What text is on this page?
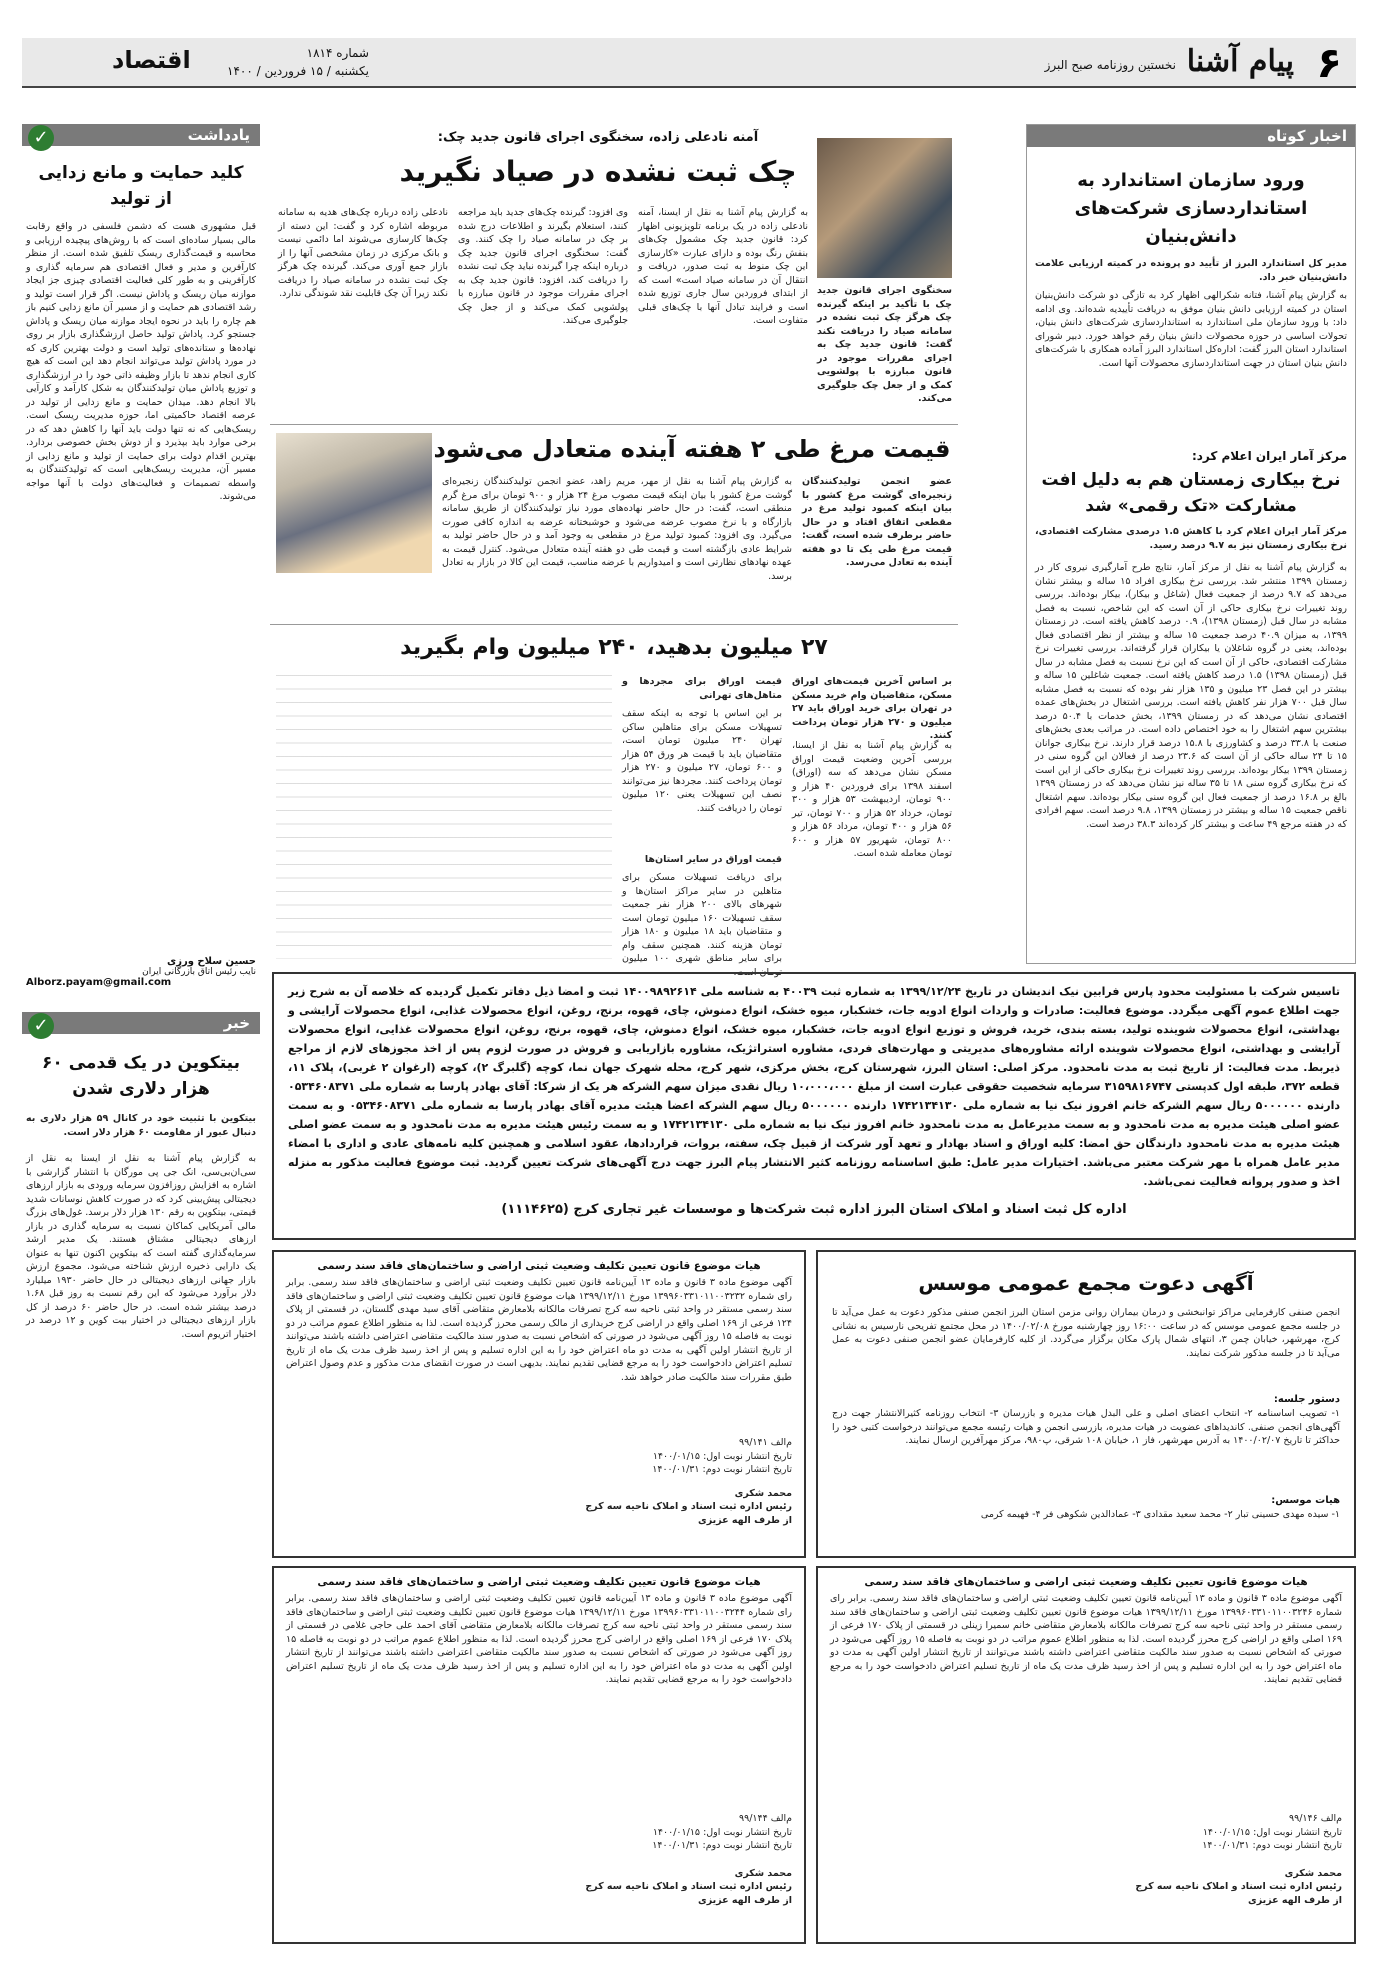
۶
پیام آشنا
نخستین روزنامه صبح البرز
شماره ۱۸۱۴
یکشنبه / ۱۵ فروردین / ۱۴۰۰
اقتصاد
اخبار کوتاه
ورود سازمان استاندارد به استانداردسازی شرکت‌های دانش‌بنیان
مدیر کل استاندارد البرز از تأیید دو پرونده در کمیته ارزیابی علامت دانش‌بنیان خبر داد.
به گزارش پیام آشنا، فتانه شکرالهی اظهار کرد به تازگی دو شرکت دانش‌بنیان استان در کمیته ارزیابی دانش بنیان موفق به دریافت تأییدیه شده‌اند. وی ادامه داد: با ورود سازمان ملی استاندارد به استانداردسازی شرکت‌های دانش بنیان، تحولات اساسی در حوزه محصولات دانش بنیان رقم خواهد خورد. دبیر شورای استاندارد استان البرز گفت: اداره‌کل استاندارد البرز آماده همکاری با شرکت‌های دانش بنیان استان در جهت استانداردسازی محصولات آنها است.
مرکز آمار ایران اعلام کرد:
نرخ بیکاری زمستان هم به دلیل افت مشارکت «تک رقمی» شد
مرکز آمار ایران اعلام کرد با کاهش ۱.۵ درصدی مشارکت اقتصادی، نرخ بیکاری زمستان نیز به ۹.۷ درصد رسید.
به گزارش پیام آشنا به نقل از مرکز آمار، نتایج طرح آمارگیری نیروی کار در زمستان ۱۳۹۹ منتشر شد. بررسی نرخ بیکاری افراد ۱۵ ساله و بیشتر نشان می‌دهد که ۹.۷ درصد از جمعیت فعال (شاغل و بیکار)، بیکار بوده‌اند. بررسی روند تغییرات نرخ بیکاری حاکی از آن است که این شاخص، نسبت به فصل مشابه در سال قبل (زمستان ۱۳۹۸)، ۰.۹ درصد کاهش یافته است. در زمستان ۱۳۹۹، به میزان ۴۰.۹ درصد جمعیت ۱۵ ساله و بیشتر از نظر اقتصادی فعال بوده‌اند، یعنی در گروه شاغلان یا بیکاران قرار گرفته‌اند. بررسی تغییرات نرخ مشارکت اقتصادی، حاکی از آن است که این نرخ نسبت به فصل مشابه در سال قبل (زمستان ۱۳۹۸) ۱.۵ درصد کاهش یافته است. جمعیت شاغلین ۱۵ ساله و بیشتر در این فصل ۲۳ میلیون و ۱۳۵ هزار نفر بوده که نسبت به فصل مشابه سال قبل ۷۰۰ هزار نفر کاهش یافته است. بررسی اشتغال در بخش‌های عمده اقتصادی نشان می‌دهد که در زمستان ۱۳۹۹، بخش خدمات با ۵۰.۴ درصد بیشترین سهم اشتغال را به خود اختصاص داده است. در مراتب بعدی بخش‌های صنعت با ۳۳.۸ درصد و کشاورزی با ۱۵.۸ درصد قرار دارند. نرخ بیکاری جوانان ۱۵ تا ۲۴ ساله حاکی از آن است که ۲۳.۶ درصد از فعالان این گروه سنی در زمستان ۱۳۹۹ بیکار بوده‌اند. بررسی روند تغییرات نرخ بیکاری حاکی از این است که نرخ بیکاری گروه سنی ۱۸ تا ۳۵ ساله نیز نشان می‌دهد که در زمستان ۱۳۹۹ بالغ بر ۱۶.۸ درصد از جمعیت فعال این گروه سنی بیکار بوده‌اند. سهم اشتغال ناقص جمعیت ۱۵ ساله و بیشتر در زمستان ۱۳۹۹، ۹.۸ درصد است. سهم افرادی که در هفته مرجع ۴۹ ساعت و بیشتر کار کرده‌اند ۳۸.۳ درصد است.
آمنه نادعلی زاده، سخنگوی اجرای قانون جدید چک:
چک ثبت نشده در صیاد نگیرید
سخنگوی اجرای قانون جدید چک با تأکید بر اینکه گیرنده چک هرگز چک ثبت نشده در سامانه صیاد را دریافت نکند گفت: قانون جدید چک به اجرای مقررات موجود در قانون مبارزه با پولشویی کمک و از جعل چک جلوگیری می‌کند.
به گزارش پیام آشنا به نقل از ایسنا، آمنه نادعلی زاده در یک برنامه تلویزیونی اظهار کرد: قانون جدید چک مشمول چک‌های بنفش رنگ بوده و دارای عبارت «کارسازی این چک منوط به ثبت صدور، دریافت و انتقال آن در سامانه صیاد است» است که از ابتدای فروردین سال جاری توزیع شده است و فرایند تبادل آنها با چک‌های قبلی متفاوت است.
وی افزود: گیرنده چک‌های جدید باید مراجعه کنند، استعلام بگیرند و اطلاعات درج شده بر چک در سامانه صیاد را چک کنند. وی گفت: سخنگوی اجرای قانون جدید چک درباره اینکه چرا گیرنده نباید چک ثبت نشده را دریافت کند، افزود: قانون جدید چک به اجرای مقررات موجود در قانون مبارزه با پولشویی کمک می‌کند و از جعل چک جلوگیری می‌کند.
نادعلی زاده درباره چک‌های هدیه به سامانه مربوطه اشاره کرد و گفت: این دسته از چک‌ها کارسازی می‌شوند اما دائمی نیست و بانک مرکزی در زمان مشخصی آنها را از بازار جمع آوری می‌کند. گیرنده چک هرگز چک ثبت نشده در سامانه صیاد را دریافت نکند زیرا آن چک قابلیت نقد شوندگی ندارد.
قیمت مرغ طی ۲ هفته آینده متعادل می‌شود
عضو انجمن تولیدکنندگان زنجیره‌ای گوشت مرغ کشور با بیان اینکه کمبود تولید مرغ در مقطعی اتفاق افتاد و در حال حاضر برطرف شده است، گفت: قیمت مرغ طی یک تا دو هفته آینده به تعادل می‌رسد.
به گزارش پیام آشنا به نقل از مهر، مریم زاهد، عضو انجمن تولیدکنندگان زنجیره‌ای گوشت مرغ کشور با بیان اینکه قیمت مصوب مرغ ۲۴ هزار و ۹۰۰ تومان برای مرغ گرم منطقی است، گفت: در حال حاضر نهاده‌های مورد نیاز تولیدکنندگان از طریق سامانه بازارگاه و با نرخ مصوب عرضه می‌شود و خوشبختانه عرضه به اندازه کافی صورت می‌گیرد. وی افزود: کمبود تولید مرغ در مقطعی به وجود آمد و در حال حاضر تولید به شرایط عادی بازگشته است و قیمت طی دو هفته آینده متعادل می‌شود. کنترل قیمت به عهده نهادهای نظارتی است و امیدواریم با عرضه مناسب، قیمت این کالا در بازار به تعادل برسد.
۲۷ میلیون بدهید، ۲۴۰ میلیون وام بگیرید
بر اساس آخرین قیمت‌های اوراق مسکن، متقاضیان وام خرید مسکن در تهران برای خرید اوراق باید ۲۷ میلیون و ۲۷۰ هزار تومان پرداخت کنند.
به گزارش پیام آشنا به نقل از ایسنا، بررسی آخرین وضعیت قیمت اوراق مسکن نشان می‌دهد که سه (اوراق) اسفند ۱۳۹۸ برای فروردین ۴۰ هزار و ۹۰۰ تومان، اردیبهشت ۵۳ هزار و ۳۰۰ تومان، خرداد ۵۲ هزار و ۷۰۰ تومان، تیر ۵۶ هزار و ۴۰۰ تومان، مرداد ۵۶ هزار و ۸۰۰ تومان، شهریور ۵۷ هزار و ۶۰۰ تومان معامله شده است.
قیمت اوراق برای مجردها و متاهل‌های تهرانی
بر این اساس با توجه به اینکه سقف تسهیلات مسکن برای متاهلین ساکن تهران ۲۴۰ میلیون تومان است، متقاضیان باید با قیمت هر ورق ۵۴ هزار و ۶۰۰ تومان، ۲۷ میلیون و ۲۷۰ هزار تومان پرداخت کنند. مجردها نیز می‌توانند نصف این تسهیلات یعنی ۱۲۰ میلیون تومان را دریافت کنند.
قیمت اوراق در سایر استان‌ها
برای دریافت تسهیلات مسکن برای متاهلین در سایر مراکز استان‌ها و شهرهای بالای ۲۰۰ هزار نفر جمعیت سقف تسهیلات ۱۶۰ میلیون تومان است و متقاضیان باید ۱۸ میلیون و ۱۸۰ هزار تومان هزینه کنند. همچنین سقف وام برای سایر مناطق شهری ۱۰۰ میلیون تومان است.
یادداشت
✓
کلید حمایت و مانع زدایی از تولید
قبل مشهوری هست که دشمن فلسفی در واقع رقابت مالی بسیار ساده‌ای است که با روش‌های پیچیده ارزیابی و محاسبه و قیمت‌گذاری ریسک تلفیق شده است. از منظر کارآفرین و مدیر و فعال اقتصادی هم سرمایه گذاری و کارآفرینی و به طور کلی فعالیت اقتصادی چیزی جز ایجاد موازنه میان ریسک و پاداش نیست. اگر قرار است تولید و رشد اقتصادی هم حمایت و از مسیر آن مانع زدایی کنیم باز هم چاره را باید در نحوه ایجاد موازنه میان ریسک و پاداش جستجو کرد. پاداش تولید حاصل ارزشگذاری بازار بر روی نهاده‌ها و ستانده‌های تولید است و دولت بهترین کاری که در مورد پاداش تولید می‌تواند انجام دهد این است که هیچ کاری انجام ندهد تا بازار وظیفه ذاتی خود را در ارزشگذاری و توزیع پاداش میان تولیدکنندگان به شکل کارآمد و کارآیی بالا انجام دهد. میدان حمایت و مانع زدایی از تولید در عرصه اقتصاد حاکمیتی اما، حوزه مدیریت ریسک است. ریسک‌هایی که نه تنها دولت باید آنها را کاهش دهد که در برخی موارد باید بپذیرد و از دوش بخش خصوصی بردارد. بهترین اقدام دولت برای حمایت از تولید و مانع زدایی از مسیر آن، مدیریت ریسک‌هایی است که تولیدکنندگان به واسطه تصمیمات و فعالیت‌های دولت با آنها مواجه می‌شوند.
حسین سلاح ورزی
نایب رئیس اتاق بازرگانی ایران
Alborz.payam@gmail.com
خبر
✓
بیتکوین در یک قدمی ۶۰ هزار دلاری شدن
بیتکوین با تثبیت خود در کانال ۵۹ هزار دلاری به دنبال عبور از مقاومت ۶۰ هزار دلار است.
به گزارش پیام آشنا به نقل از ایسنا به نقل از سی‌ان‌بی‌سی، انک جی پی مورگان با انتشار گزارشی با اشاره به افزایش روزافزون سرمایه ورودی به بازار ارزهای دیجیتالی پیش‌بینی کرد که در صورت کاهش نوسانات شدید قیمتی، بیتکوین به رقم ۱۳۰ هزار دلار برسد. غول‌های بزرگ مالی آمریکایی کماکان نسبت به سرمایه گذاری در بازار ارزهای دیجیتالی مشتاق هستند. یک مدیر ارشد سرمایه‌گذاری گفته است که بیتکوین اکنون تنها به عنوان یک دارایی ذخیره ارزش شناخته می‌شود. مجموع ارزش بازار جهانی ارزهای دیجیتالی در حال حاضر ۱۹۳۰ میلیارد دلار برآورد می‌شود که این رقم نسبت به روز قبل ۱.۶۸ درصد بیشتر شده است. در حال حاضر ۶۰ درصد از کل بازار ارزهای دیجیتالی در اختیار بیت کوین و ۱۲ درصد در اختیار اتریوم است.
تاسیس شرکت با مسئولیت محدود پارس فرابین نیک اندیشان در تاریخ ۱۳۹۹/۱۲/۲۴ به شماره ثبت ۴۰۰۳۹ به شناسه ملی ۱۴۰۰۹۸۹۲۶۱۴ ثبت و امضا ذیل دفاتر تکمیل گردیده که خلاصه آن به شرح زیر جهت اطلاع عموم آگهی میگردد. موضوع فعالیت: صادرات و واردات انواع ادویه جات، خشکبار، میوه خشک، انواع دمنوش، چای، قهوه، برنج، روغن، انواع محصولات غذایی، انواع محصولات آرایشی و بهداشتی، انواع محصولات شوینده تولید، بسته بندی، خرید، فروش و توزیع انواع ادویه جات، خشکبار، میوه خشک، انواع دمنوش، چای، قهوه، برنج، روغن، انواع محصولات غذایی، انواع محصولات آرایشی و بهداشتی، انواع محصولات شوینده ارائه مشاوره‌های مدیریتی و مهارت‌های فردی، مشاوره استراتژیک، مشاوره بازاریابی و فروش در صورت لزوم پس از اخذ مجوزهای لازم از مراجع ذیربط. مدت فعالیت: از تاریخ ثبت به مدت نامحدود. مرکز اصلی: استان البرز، شهرستان کرج، بخش مرکزی، شهر کرج، محله شهرک جهان نما، کوچه (گلبرگ ۲)، کوچه (ارغوان ۲ غربی)، پلاک ۱۱، قطعه ۳۷۲، طبقه اول کدپستی ۳۱۵۹۸۱۶۷۴۷ سرمایه شخصیت حقوقی عبارت است از مبلغ ۱۰،۰۰۰،۰۰۰ ریال نقدی میزان سهم الشرکه هر یک از شرکا: آقای بهادر پارسا به شماره ملی ۰۵۳۴۶۰۸۳۷۱ دارنده ۵۰۰۰۰۰۰ ریال سهم الشرکه خانم افروز نیک نیا به شماره ملی ۱۷۴۲۱۳۴۱۳۰ دارنده ۵۰۰۰۰۰۰ ریال سهم الشرکه اعضا هیئت مدیره آقای بهادر پارسا به شماره ملی ۰۵۳۴۶۰۸۳۷۱ و به سمت عضو اصلی هیئت مدیره به مدت نامحدود و به سمت مدیرعامل به مدت نامحدود خانم افروز نیک نیا به شماره ملی ۱۷۴۲۱۳۴۱۳۰ و به سمت رئیس هیئت مدیره به مدت نامحدود و به سمت عضو اصلی هیئت مدیره به مدت نامحدود دارندگان حق امضا: کلیه اوراق و اسناد بهادار و تعهد آور شرکت از قبیل چک، سفته، بروات، قراردادها، عقود اسلامی و همچنین کلیه نامه‌های عادی و اداری با امضاء مدیر عامل همراه با مهر شرکت معتبر می‌باشد. اختیارات مدیر عامل: طبق اساسنامه روزنامه کثیر الانتشار پیام البرز جهت درج آگهی‌های شرکت تعیین گردید. ثبت موضوع فعالیت مذکور به منزله اخذ و صدور پروانه فعالیت نمی‌باشد.
اداره کل ثبت اسناد و املاک استان البرز اداره ثبت شرکت‌ها و موسسات غیر تجاری کرج (۱۱۱۴۶۲۵)
آگهی دعوت مجمع عمومی موسس
انجمن صنفی کارفرمایی مراکز توانبخشی و درمان بیماران روانی مزمن استان البرز انجمن صنفی مذکور دعوت به عمل می‌آید تا در جلسه مجمع عمومی موسس که در ساعت ۱۶:۰۰ روز چهارشنبه مورخ ۱۴۰۰/۰۲/۰۸ در محل مجتمع تفریحی نارسیس به نشانی کرج، مهرشهر، خیابان چمن ۳، انتهای شمال پارک مکان برگزار می‌گردد. از کلیه کارفرمایان عضو انجمن صنفی دعوت به عمل می‌آید تا در جلسه مذکور شرکت نمایند.
دستور جلسه:
۱- تصویب اساسنامه ۲- انتخاب اعضای اصلی و علی البدل هیات مدیره و بازرسان ۳- انتخاب روزنامه کثیرالانتشار جهت درج آگهی‌های انجمن صنفی. کاندیداهای عضویت در هیات مدیره، بازرسی انجمن و هیات رئیسه مجمع می‌توانند درخواست کتبی خود را حداکثر تا تاریخ ۱۴۰۰/۰۲/۰۷ به آدرس مهرشهر، فاز ۱، خیابان ۱۰۸ شرقی، پ۹۸۰، مرکز مهرآفرین ارسال نمایند.
هیات موسس:
۱- سیده مهدی حسینی تبار ۲- محمد سعید مقدادی ۳- عمادالدین شکوهی فر ۴- فهیمه کرمی
هیات موضوع قانون تعیین تکلیف وضعیت ثبتی اراضی و ساختمان‌های فاقد سند رسمی
آگهی موضوع ماده ۳ قانون و ماده ۱۳ آیین‌نامه قانون تعیین تکلیف وضعیت ثبتی اراضی و ساختمان‌های فاقد سند رسمی. برابر رای شماره ۱۳۹۹۶۰۳۳۱۰۱۱۰۰۳۲۳۲ مورخ ۱۳۹۹/۱۲/۱۱ هیات موضوع قانون تعیین تکلیف وضعیت ثبتی اراضی و ساختمان‌های فاقد سند رسمی مستقر در واحد ثبتی ناحیه سه کرج تصرفات مالکانه بلامعارض متقاضی آقای سید مهدی گلستان، در قسمتی از پلاک ۱۲۴ فرعی از ۱۶۹ اصلی واقع در اراضی کرج خریداری از مالک رسمی محرز گردیده است. لذا به منظور اطلاع عموم مراتب در دو نوبت به فاصله ۱۵ روز آگهی می‌شود در صورتی که اشخاص نسبت به صدور سند مالکیت متقاضی اعتراضی داشته باشند می‌توانند از تاریخ انتشار اولین آگهی به مدت دو ماه اعتراض خود را به این اداره تسلیم و پس از اخذ رسید ظرف مدت یک ماه از تاریخ تسلیم اعتراض دادخواست خود را به مرجع قضایی تقدیم نمایند. بدیهی است در صورت انقضای مدت مذکور و عدم وصول اعتراض طبق مقررات سند مالکیت صادر خواهد شد.
م‌الف ۹۹/۱۴۱
تاریخ انتشار نوبت اول: ۱۴۰۰/۰۱/۱۵
تاریخ انتشار نوبت دوم: ۱۴۰۰/۰۱/۳۱
محمد شکری
رئیس اداره ثبت اسناد و املاک ناحیه سه کرج
از طرف الهه عزیزی
هیات موضوع قانون تعیین تکلیف وضعیت ثبتی اراضی و ساختمان‌های فاقد سند رسمی
آگهی موضوع ماده ۳ قانون و ماده ۱۳ آیین‌نامه قانون تعیین تکلیف وضعیت ثبتی اراضی و ساختمان‌های فاقد سند رسمی. برابر رای شماره ۱۳۹۹۶۰۳۳۱۰۱۱۰۰۳۲۴۴ مورخ ۱۳۹۹/۱۲/۱۱ هیات موضوع قانون تعیین تکلیف وضعیت ثبتی اراضی و ساختمان‌های فاقد سند رسمی مستقر در واحد ثبتی ناحیه سه کرج تصرفات مالکانه بلامعارض متقاضی آقای احمد علی حاجی غلامی در قسمتی از پلاک ۱۷۰ فرعی از ۱۶۹ اصلی واقع در اراضی کرج محرز گردیده است. لذا به منظور اطلاع عموم مراتب در دو نوبت به فاصله ۱۵ روز آگهی می‌شود در صورتی که اشخاص نسبت به صدور سند مالکیت متقاضی اعتراضی داشته باشند می‌توانند از تاریخ انتشار اولین آگهی به مدت دو ماه اعتراض خود را به این اداره تسلیم و پس از اخذ رسید ظرف مدت یک ماه از تاریخ تسلیم اعتراض دادخواست خود را به مرجع قضایی تقدیم نمایند.
م‌الف ۹۹/۱۴۴
تاریخ انتشار نوبت اول: ۱۴۰۰/۰۱/۱۵
تاریخ انتشار نوبت دوم: ۱۴۰۰/۰۱/۳۱
محمد شکری
رئیس اداره ثبت اسناد و املاک ناحیه سه کرج
از طرف الهه عزیزی
هیات موضوع قانون تعیین تکلیف وضعیت ثبتی اراضی و ساختمان‌های فاقد سند رسمی
آگهی موضوع ماده ۳ قانون و ماده ۱۳ آیین‌نامه قانون تعیین تکلیف وضعیت ثبتی اراضی و ساختمان‌های فاقد سند رسمی. برابر رای شماره ۱۳۹۹۶۰۳۳۱۰۱۱۰۰۳۲۴۶ مورخ ۱۳۹۹/۱۲/۱۱ هیات موضوع قانون تعیین تکلیف وضعیت ثبتی اراضی و ساختمان‌های فاقد سند رسمی مستقر در واحد ثبتی ناحیه سه کرج تصرفات مالکانه بلامعارض متقاضی خانم سمیرا زینلی در قسمتی از پلاک ۱۷۰ فرعی از ۱۶۹ اصلی واقع در اراضی کرج محرز گردیده است. لذا به منظور اطلاع عموم مراتب در دو نوبت به فاصله ۱۵ روز آگهی می‌شود در صورتی که اشخاص نسبت به صدور سند مالکیت متقاضی اعتراضی داشته باشند می‌توانند از تاریخ انتشار اولین آگهی به مدت دو ماه اعتراض خود را به این اداره تسلیم و پس از اخذ رسید ظرف مدت یک ماه از تاریخ تسلیم اعتراض دادخواست خود را به مرجع قضایی تقدیم نمایند.
م‌الف ۹۹/۱۴۶
تاریخ انتشار نوبت اول: ۱۴۰۰/۰۱/۱۵
تاریخ انتشار نوبت دوم: ۱۴۰۰/۰۱/۳۱
محمد شکری
رئیس اداره ثبت اسناد و املاک ناحیه سه کرج
از طرف الهه عزیزی
